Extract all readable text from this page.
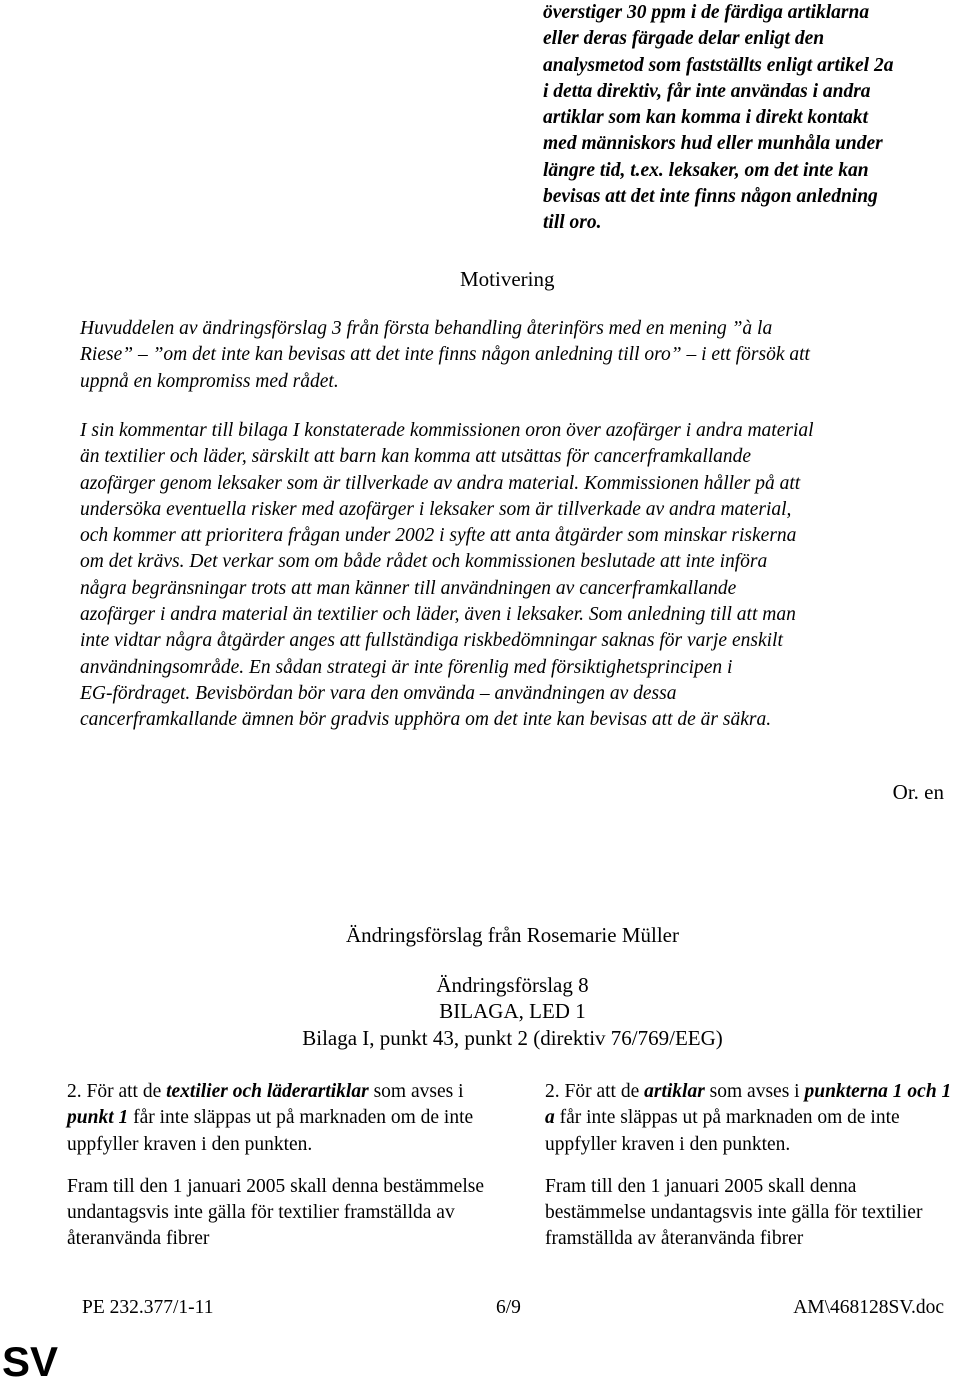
överstiger 30 ppm i de färdiga artiklarna
eller deras färgade delar enligt den
analysmetod som fastställts enligt artikel 2a
i detta direktiv, får inte användas i andra
artiklar som kan komma i direkt kontakt
med människors hud eller munhåla under
längre tid, t.ex. leksaker, om det inte kan
bevisas att det inte finns någon anledning
till oro.
Motivering
Huvuddelen av ändringsförslag 3 från första behandling återinförs med en mening ”à la
Riese” – ”om det inte kan bevisas att det inte finns någon anledning till oro” – i ett försök att
uppnå en kompromiss med rådet.
I sin kommentar till bilaga I konstaterade kommissionen oron över azofärger i andra material
än textilier och läder, särskilt att barn kan komma att utsättas för cancerframkallande
azofärger genom leksaker som är tillverkade av andra material. Kommissionen håller på att
undersöka eventuella risker med azofärger i leksaker som är tillverkade av andra material,
och kommer att prioritera frågan under 2002 i syfte att anta åtgärder som minskar riskerna
om det krävs. Det verkar som om både rådet och kommissionen beslutade att inte införa
några begränsningar trots att man känner till användningen av cancerframkallande
azofärger i andra material än textilier och läder, även i leksaker. Som anledning till att man
inte vidtar några åtgärder anges att fullständiga riskbedömningar saknas för varje enskilt
användningsområde. En sådan strategi är inte förenlig med försiktighetsprincipen i
EG-fördraget. Bevisbördan bör vara den omvända – användningen av dessa
cancerframkallande ämnen bör gradvis upphöra om det inte kan bevisas att de är säkra.
Or. en
Ändringsförslag från Rosemarie Müller
Ändringsförslag 8
BILAGA, LED 1
Bilaga I, punkt 43, punkt 2 (direktiv 76/769/EEG)

2. För att de textilier och läderartiklar som avses i punkt 1 får inte släppas ut på marknaden om de inte uppfyller kraven i den punkten.

Fram till den 1 januari 2005 skall denna bestämmelse undantagsvis inte gälla för textilier framställda av återanvända fibrer

2. För att de artiklar som avses i punkterna 1 och 1 a får inte släppas ut på marknaden om de inte uppfyller kraven i den punkten.

Fram till den 1 januari 2005 skall denna bestämmelse undantagsvis inte gälla för textilier framställda av återanvända fibrer

PE 232.377/1-11	6/9	AM\468128SV.doc
SV
